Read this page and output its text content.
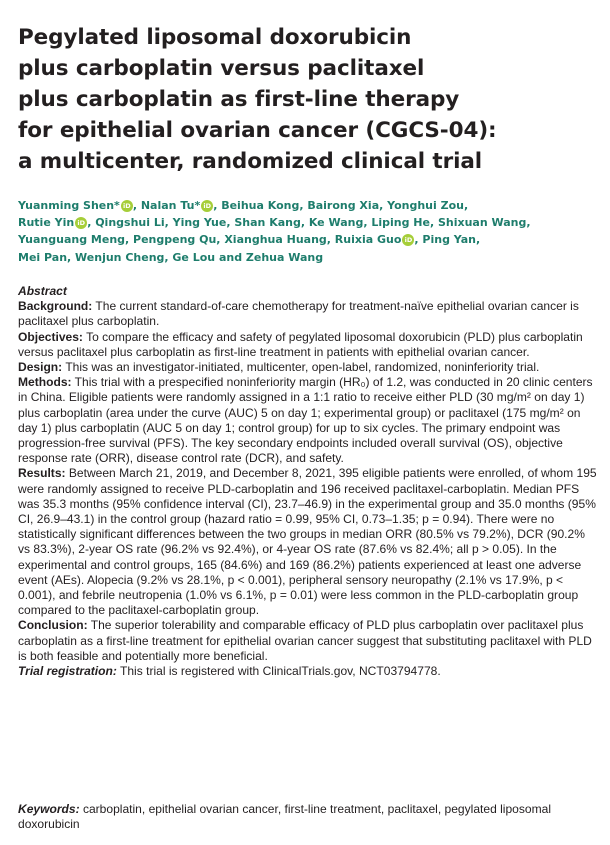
Pegylated liposomal doxorubicin
plus carboplatin versus paclitaxel
plus carboplatin as first-line therapy
for epithelial ovarian cancer (CGCS-04):
a multicenter, randomized clinical trial
Yuanming Shen* iD , Nalan Tu* iD , Beihua Kong, Bairong Xia, Yonghui Zou,
Rutie Yin iD , Qingshui Li, Ying Yue, Shan Kang, Ke Wang, Liping He, Shixuan Wang,
Yuanguang Meng, Pengpeng Qu, Xianghua Huang, Ruixia Guo iD , Ping Yan,
Mei Pan, Wenjun Cheng, Ge Lou and Zehua Wang

Abstract

Background: The current standard-of-care chemotherapy for treatment-naïve epithelial ovarian cancer is paclitaxel plus carboplatin.

Objectives: To compare the efficacy and safety of pegylated liposomal doxorubicin (PLD) plus carboplatin versus paclitaxel plus carboplatin as first-line treatment in patients with epithelial ovarian cancer.

Design: This was an investigator-initiated, multicenter, open-label, randomized, noninferiority trial.

Methods: This trial with a prespecified noninferiority margin (HR₀) of 1.2, was conducted in 20 clinic centers in China. Eligible patients were randomly assigned in a 1:1 ratio to receive either PLD (30 mg/m² on day 1) plus carboplatin (area under the curve (AUC) 5 on day 1; experimental group) or paclitaxel (175 mg/m² on day 1) plus carboplatin (AUC 5 on day 1; control group) for up to six cycles. The primary endpoint was progression-free survival (PFS). The key secondary endpoints included overall survival (OS), objective response rate (ORR), disease control rate (DCR), and safety.

Results: Between March 21, 2019, and December 8, 2021, 395 eligible patients were enrolled, of whom 195 were randomly assigned to receive PLD-carboplatin and 196 received paclitaxel-carboplatin. Median PFS was 35.3 months (95% confidence interval (CI), 23.7–46.9) in the experimental group and 35.0 months (95% CI, 26.9–43.1) in the control group (hazard ratio = 0.99, 95% CI, 0.73–1.35; p = 0.94). There were no statistically significant differences between the two groups in median ORR (80.5% vs 79.2%), DCR (90.2% vs 83.3%), 2-year OS rate (96.2% vs 92.4%), or 4-year OS rate (87.6% vs 82.4%; all p > 0.05). In the experimental and control groups, 165 (84.6%) and 169 (86.2%) patients experienced at least one adverse event (AEs). Alopecia (9.2% vs 28.1%, p < 0.001), peripheral sensory neuropathy (2.1% vs 17.9%, p < 0.001), and febrile neutropenia (1.0% vs 6.1%, p = 0.01) were less common in the PLD-carboplatin group compared to the paclitaxel-carboplatin group.

Conclusion: The superior tolerability and comparable efficacy of PLD plus carboplatin over paclitaxel plus carboplatin as a first-line treatment for epithelial ovarian cancer suggest that substituting paclitaxel with PLD is both feasible and potentially more beneficial.

Trial registration: This trial is registered with ClinicalTrials.gov, NCT03794778.

Keywords: carboplatin, epithelial ovarian cancer, first-line treatment, paclitaxel, pegylated liposomal doxorubicin
